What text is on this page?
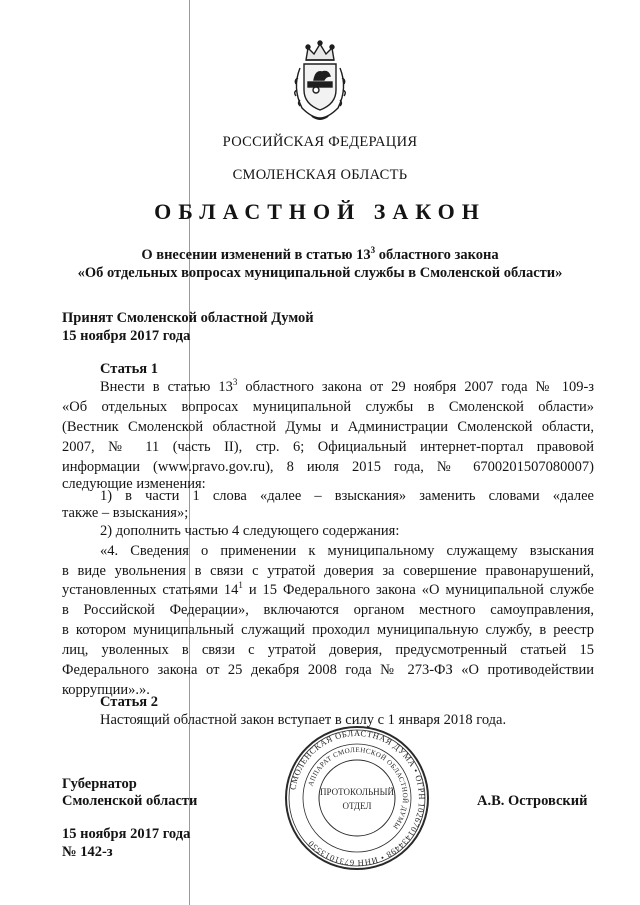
РОССИЙСКАЯ ФЕДЕРАЦИЯ
СМОЛЕНСКАЯ ОБЛАСТЬ
ОБЛАСТНОЙ ЗАКОН
О внесении изменений в статью $13^3$ областного закона
«Об отдельных вопросах муниципальной службы в Смоленской области»
Принят Смоленской областной Думой
15 ноября 2017 года
Статья 1
Внести в статью $13^3$ областного закона от 29 ноября 2007 года № 109-з
«Об отдельных вопросах муниципальной службы в Смоленской области»
(Вестник Смоленской областной Думы и Администрации Смоленской области,
2007, № 11 (часть II), стр. 6; Официальный интернет-портал правовой
информации (www.pravo.gov.ru), 8 июля 2015 года, № 6700201507080007)
следующие изменения:
1) в части 1 слова «далее – взыскания» заменить словами «далее
также – взыскания»;
2) дополнить частью 4 следующего содержания:
«4. Сведения о применении к муниципальному служащему взыскания
в виде увольнения в связи с утратой доверия за совершение правонарушений,
установленных статьями $14^1$ и 15 Федерального закона «О муниципальной службе
в Российской Федерации», включаются органом местного самоуправления,
в котором муниципальный служащий проходил муниципальную службу, в реестр
лиц, уволенных в связи с утратой доверия, предусмотренный статьей 15
Федерального закона от 25 декабря 2008 года № 273-ФЗ «О противодействии
коррупции».».
Статья 2
Настоящий областной закон вступает в силу с 1 января 2018 года.
Губернатор
Смоленской области	А.В. Островский
15 ноября 2017 года
№ 142-з
СМОЛЕНСКАЯ ОБЛАСТНАЯ ДУМА • ОГРН 1026701434498 • ИНН 6731013550
АППАРАТ СМОЛЕНСКОЙ ОБЛАСТНОЙ ДУМЫ
ПРОТОКОЛЬНЫЙ
ОТДЕЛ
